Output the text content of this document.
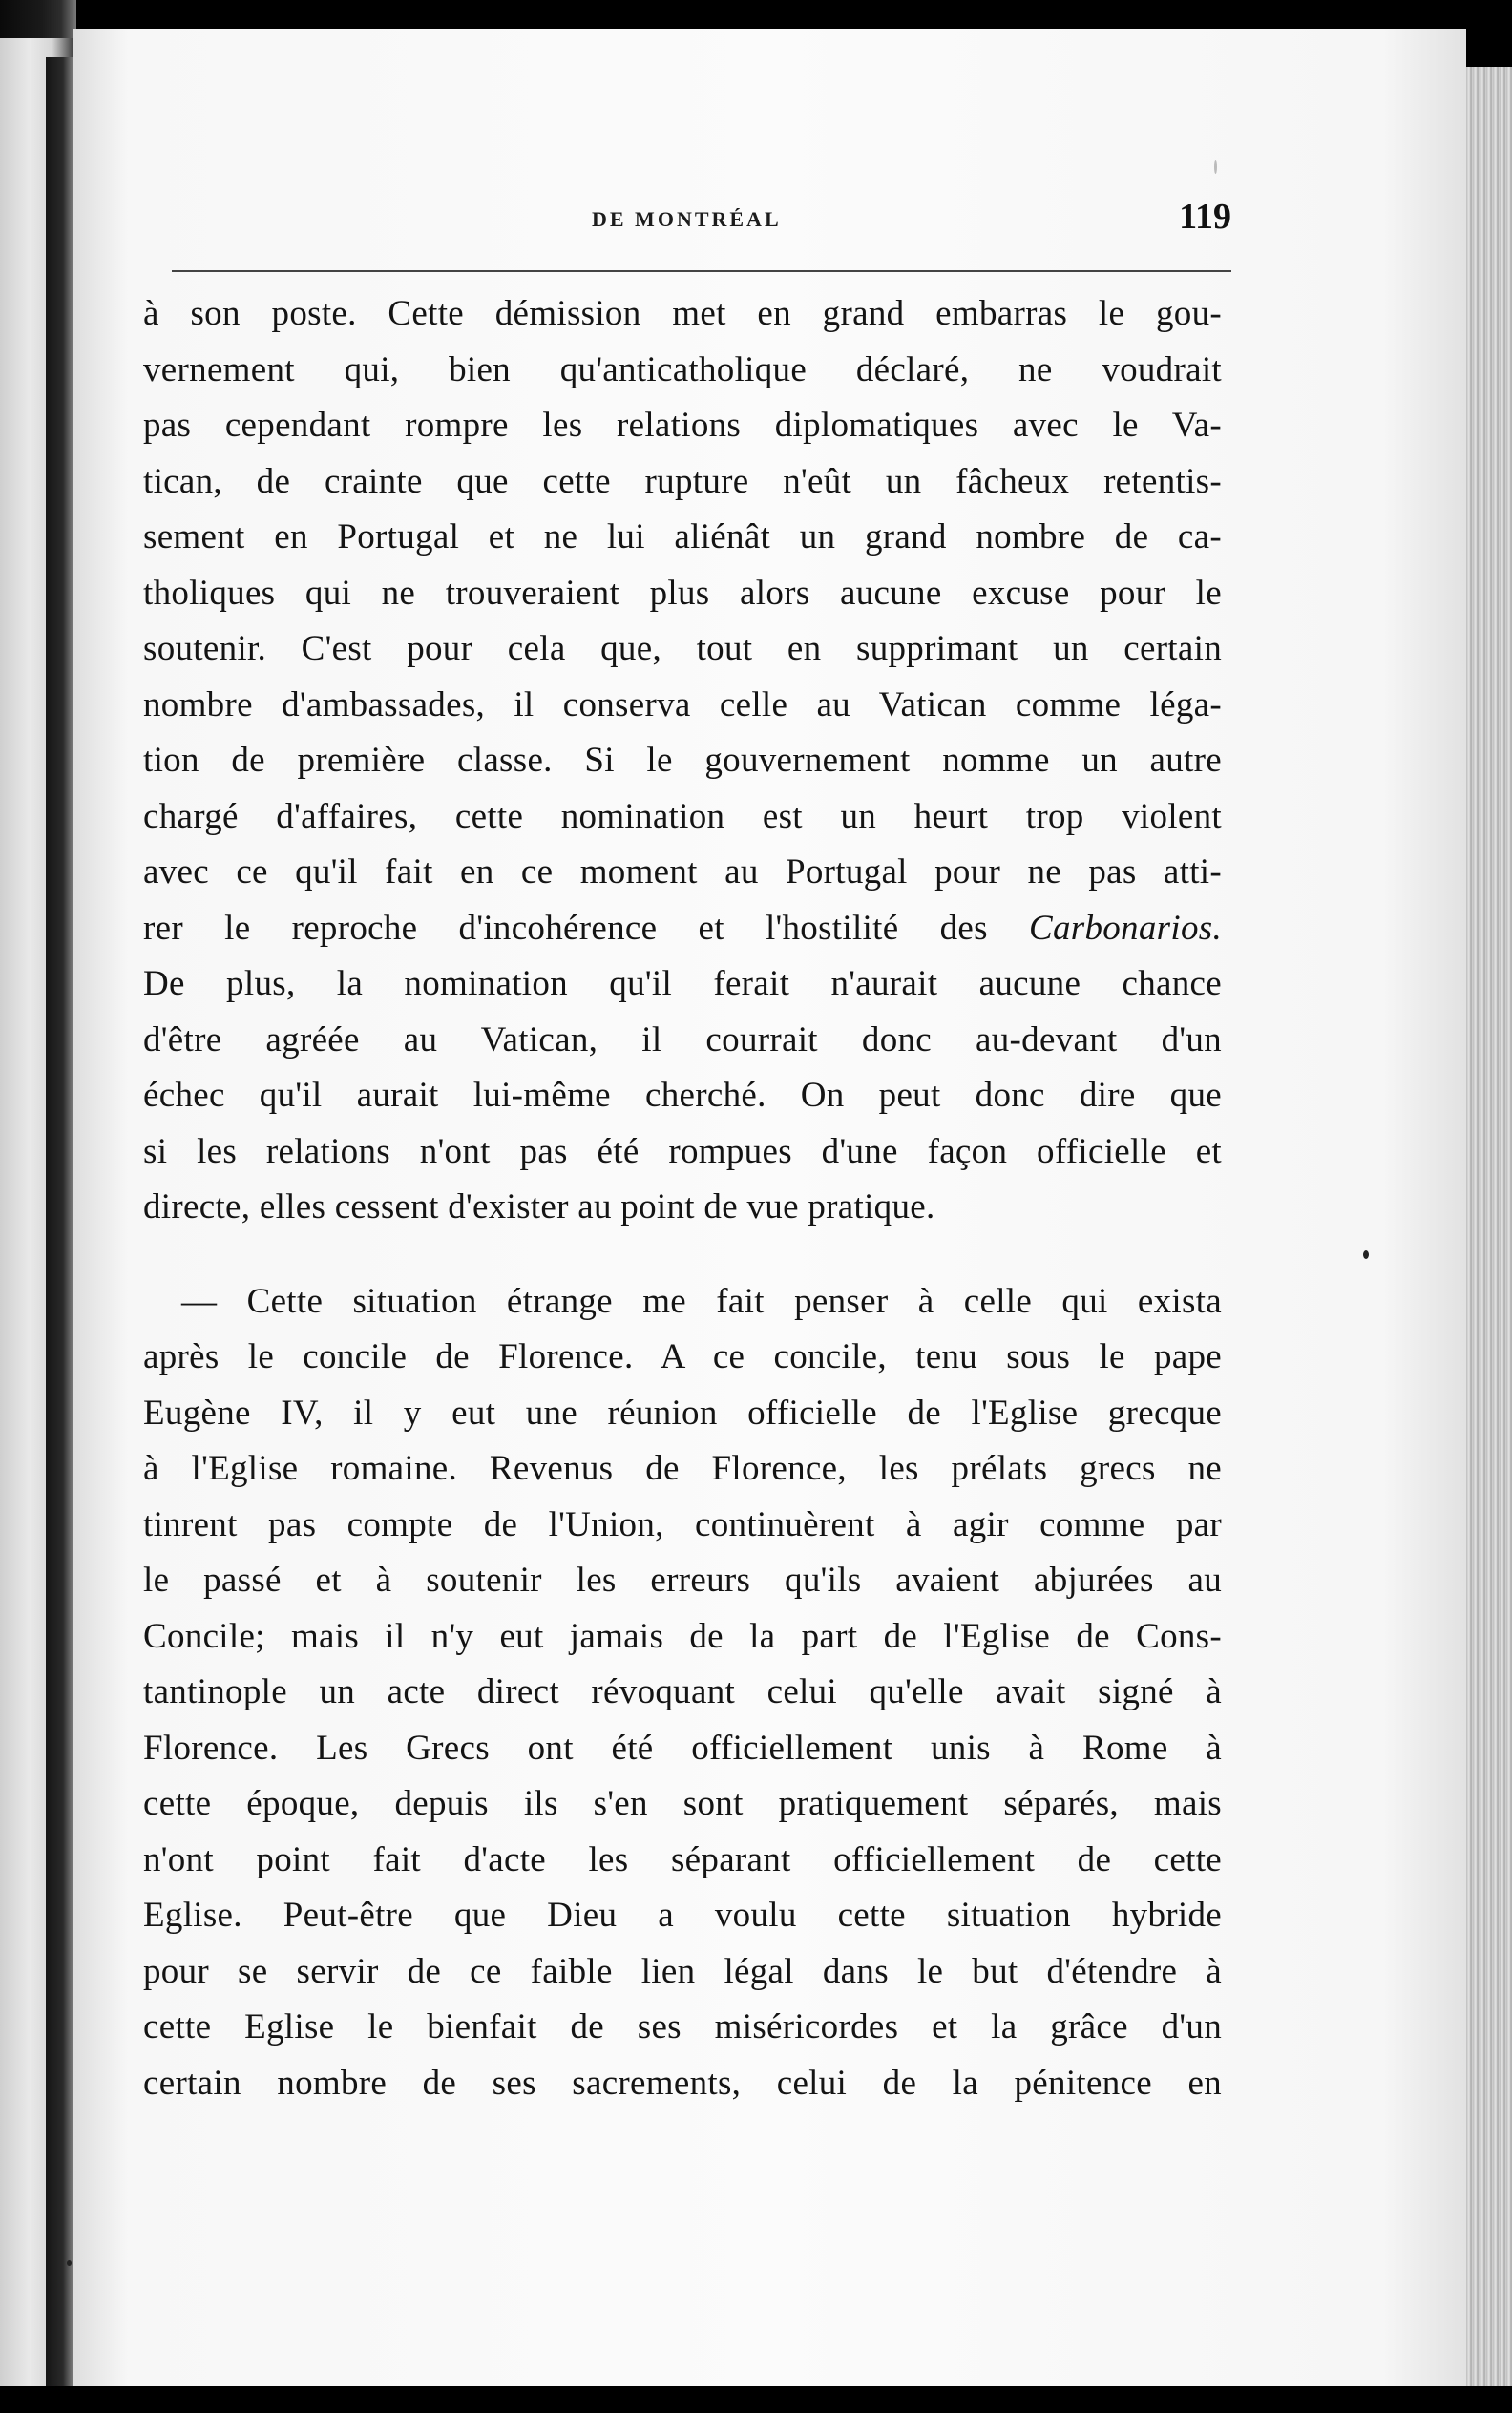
DE MONTRÉAL	119
à son poste. Cette démission met en grand embarras le gou-
vernement qui, bien qu'anticatholique déclaré, ne voudrait
pas cependant rompre les relations diplomatiques avec le Va-
tican, de crainte que cette rupture n'eût un fâcheux retentis-
sement en Portugal et ne lui aliénât un grand nombre de ca-
tholiques qui ne trouveraient plus alors aucune excuse pour le
soutenir. C'est pour cela que, tout en supprimant un certain
nombre d'ambassades, il conserva celle au Vatican comme léga-
tion de première classe. Si le gouvernement nomme un autre
chargé d'affaires, cette nomination est un heurt trop violent
avec ce qu'il fait en ce moment au Portugal pour ne pas atti-
rer le reproche d'incohérence et l'hostilité des Carbonarios.
De plus, la nomination qu'il ferait n'aurait aucune chance
d'être agréée au Vatican, il courrait donc au-devant d'un
échec qu'il aurait lui-même cherché. On peut donc dire que
si les relations n'ont pas été rompues d'une façon officielle et
directe, elles cessent d'exister au point de vue pratique.
— Cette situation étrange me fait penser à celle qui exista
après le concile de Florence. A ce concile, tenu sous le pape
Eugène IV, il y eut une réunion officielle de l'Eglise grecque
à l'Eglise romaine. Revenus de Florence, les prélats grecs ne
tinrent pas compte de l'Union, continuèrent à agir comme par
le passé et à soutenir les erreurs qu'ils avaient abjurées au
Concile; mais il n'y eut jamais de la part de l'Eglise de Cons-
tantinople un acte direct révoquant celui qu'elle avait signé à
Florence. Les Grecs ont été officiellement unis à Rome à
cette époque, depuis ils s'en sont pratiquement séparés, mais
n'ont point fait d'acte les séparant officiellement de cette
Eglise. Peut-être que Dieu a voulu cette situation hybride
pour se servir de ce faible lien légal dans le but d'étendre à
cette Eglise le bienfait de ses miséricordes et la grâce d'un
certain nombre de ses sacrements, celui de la pénitence en
